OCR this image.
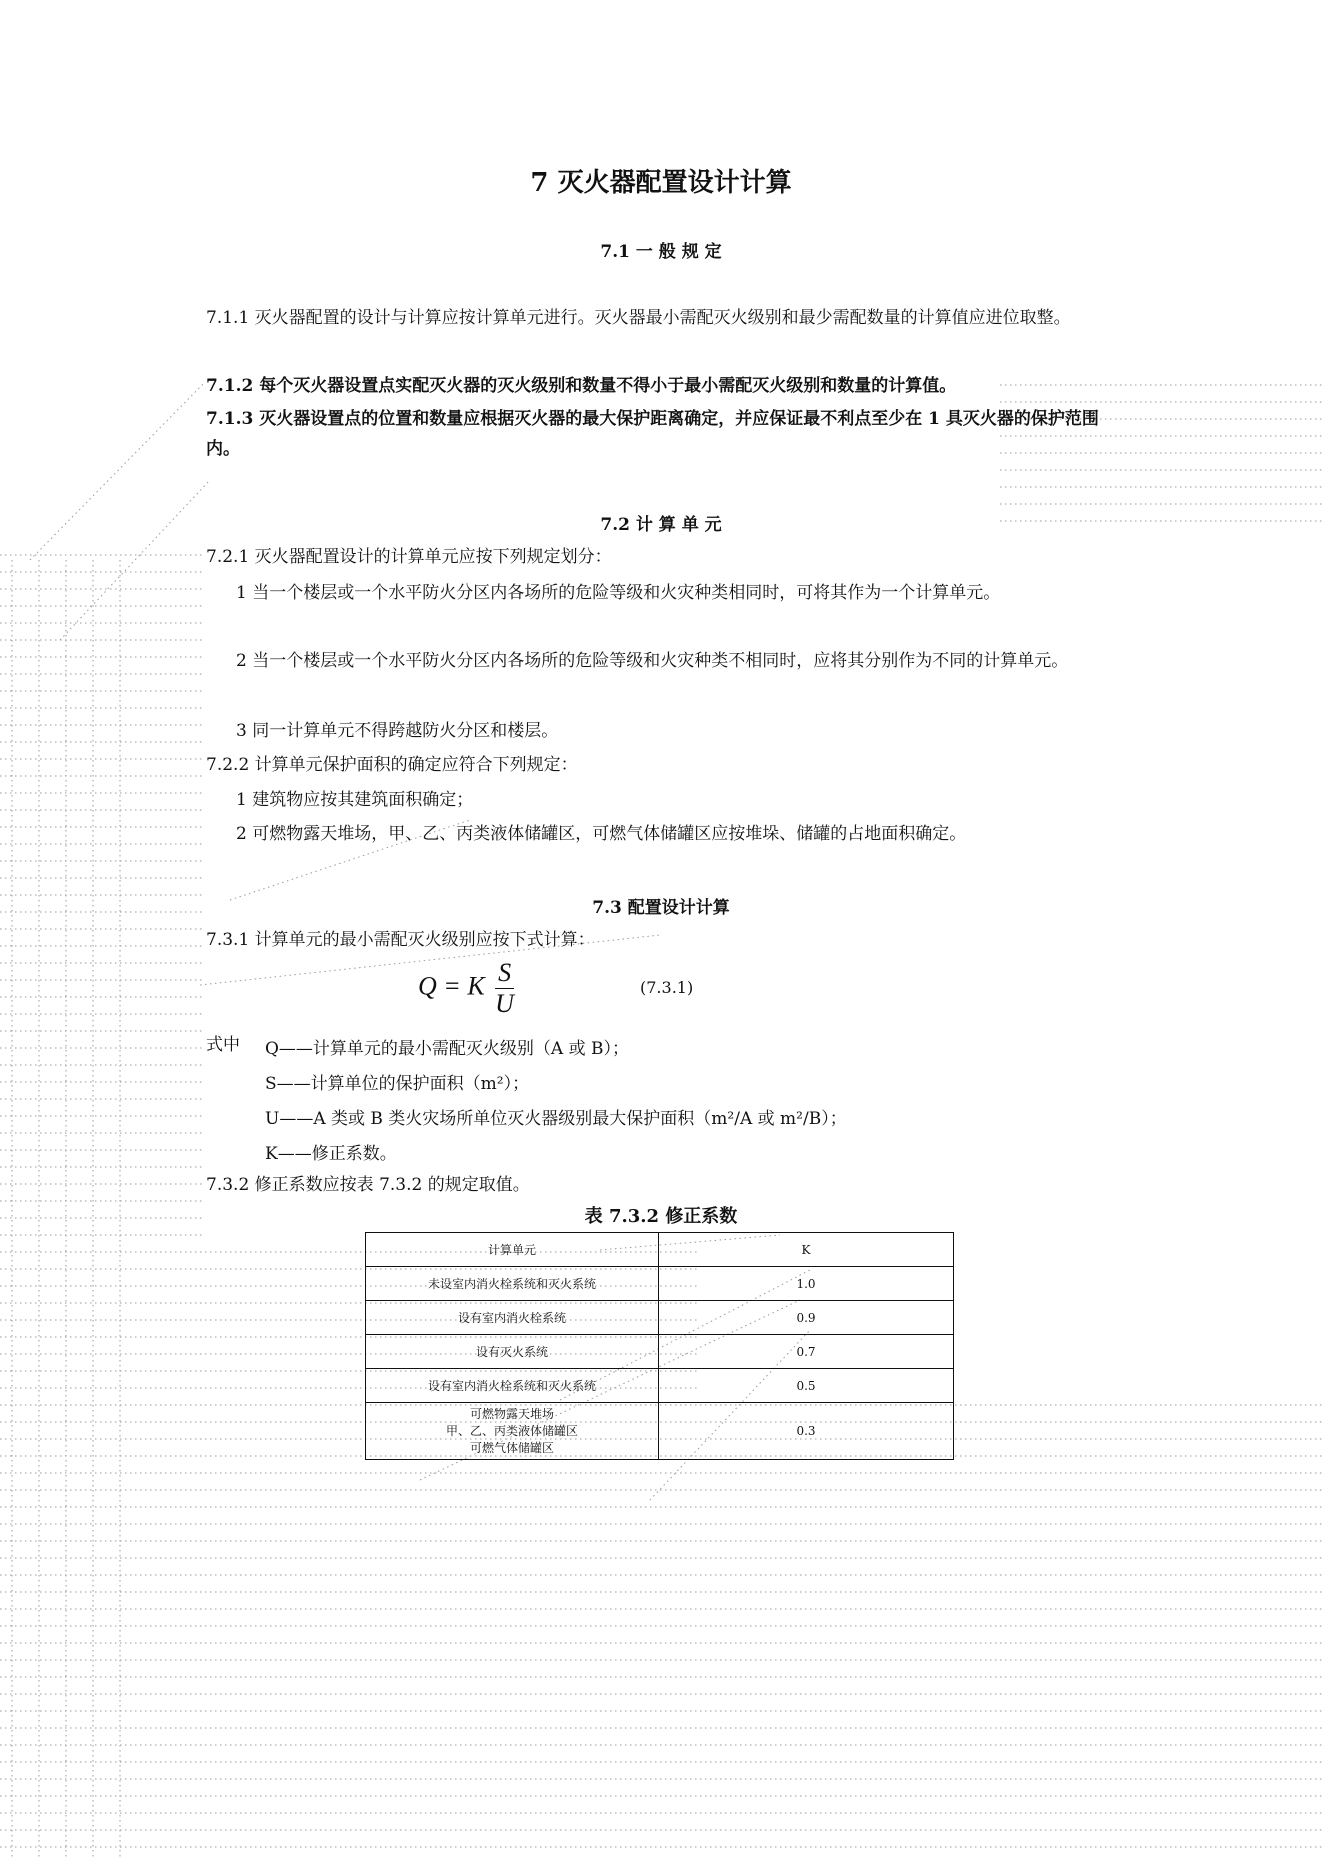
7 灭火器配置设计计算
7.1 一 般 规 定
7.1.1 灭火器配置的设计与计算应按计算单元进行。灭火器最小需配灭火级别和最少需配数量的计算值应进位取整。
7.1.2 每个灭火器设置点实配灭火器的灭火级别和数量不得小于最小需配灭火级别和数量的计算值。
7.1.3 灭火器设置点的位置和数量应根据灭火器的最大保护距离确定，并应保证最不利点至少在 1 具灭火器的保护范围内。
7.2 计 算 单 元
7.2.1 灭火器配置设计的计算单元应按下列规定划分：
1 当一个楼层或一个水平防火分区内各场所的危险等级和火灾种类相同时，可将其作为一个计算单元。
2 当一个楼层或一个水平防火分区内各场所的危险等级和火灾种类不相同时，应将其分别作为不同的计算单元。
3 同一计算单元不得跨越防火分区和楼层。
7.2.2 计算单元保护面积的确定应符合下列规定：
1 建筑物应按其建筑面积确定；
2 可燃物露天堆场，甲、乙、丙类液体储罐区，可燃气体储罐区应按堆垛、储罐的占地面积确定。
7.3 配置设计计算
7.3.1 计算单元的最小需配灭火级别应按下式计算：
Q = K $\frac{S}{U}$	(7.3.1)
式中	Q——计算单元的最小需配灭火级别（A 或 B）；
S——计算单位的保护面积（m²）；
U——A 类或 B 类火灾场所单位灭火器级别最大保护面积（m²/A 或 m²/B）；
K——修正系数。
7.3.2 修正系数应按表 7.3.2 的规定取值。
表 7.3.2 修正系数
计算单元	K
未设室内消火栓系统和灭火系统	1.0
设有室内消火栓系统	0.9
设有灭火系统	0.7
设有室内消火栓系统和灭火系统	0.5

可燃物露天堆场
甲、乙、丙类液体储罐区
可燃气体储罐区	0.3
